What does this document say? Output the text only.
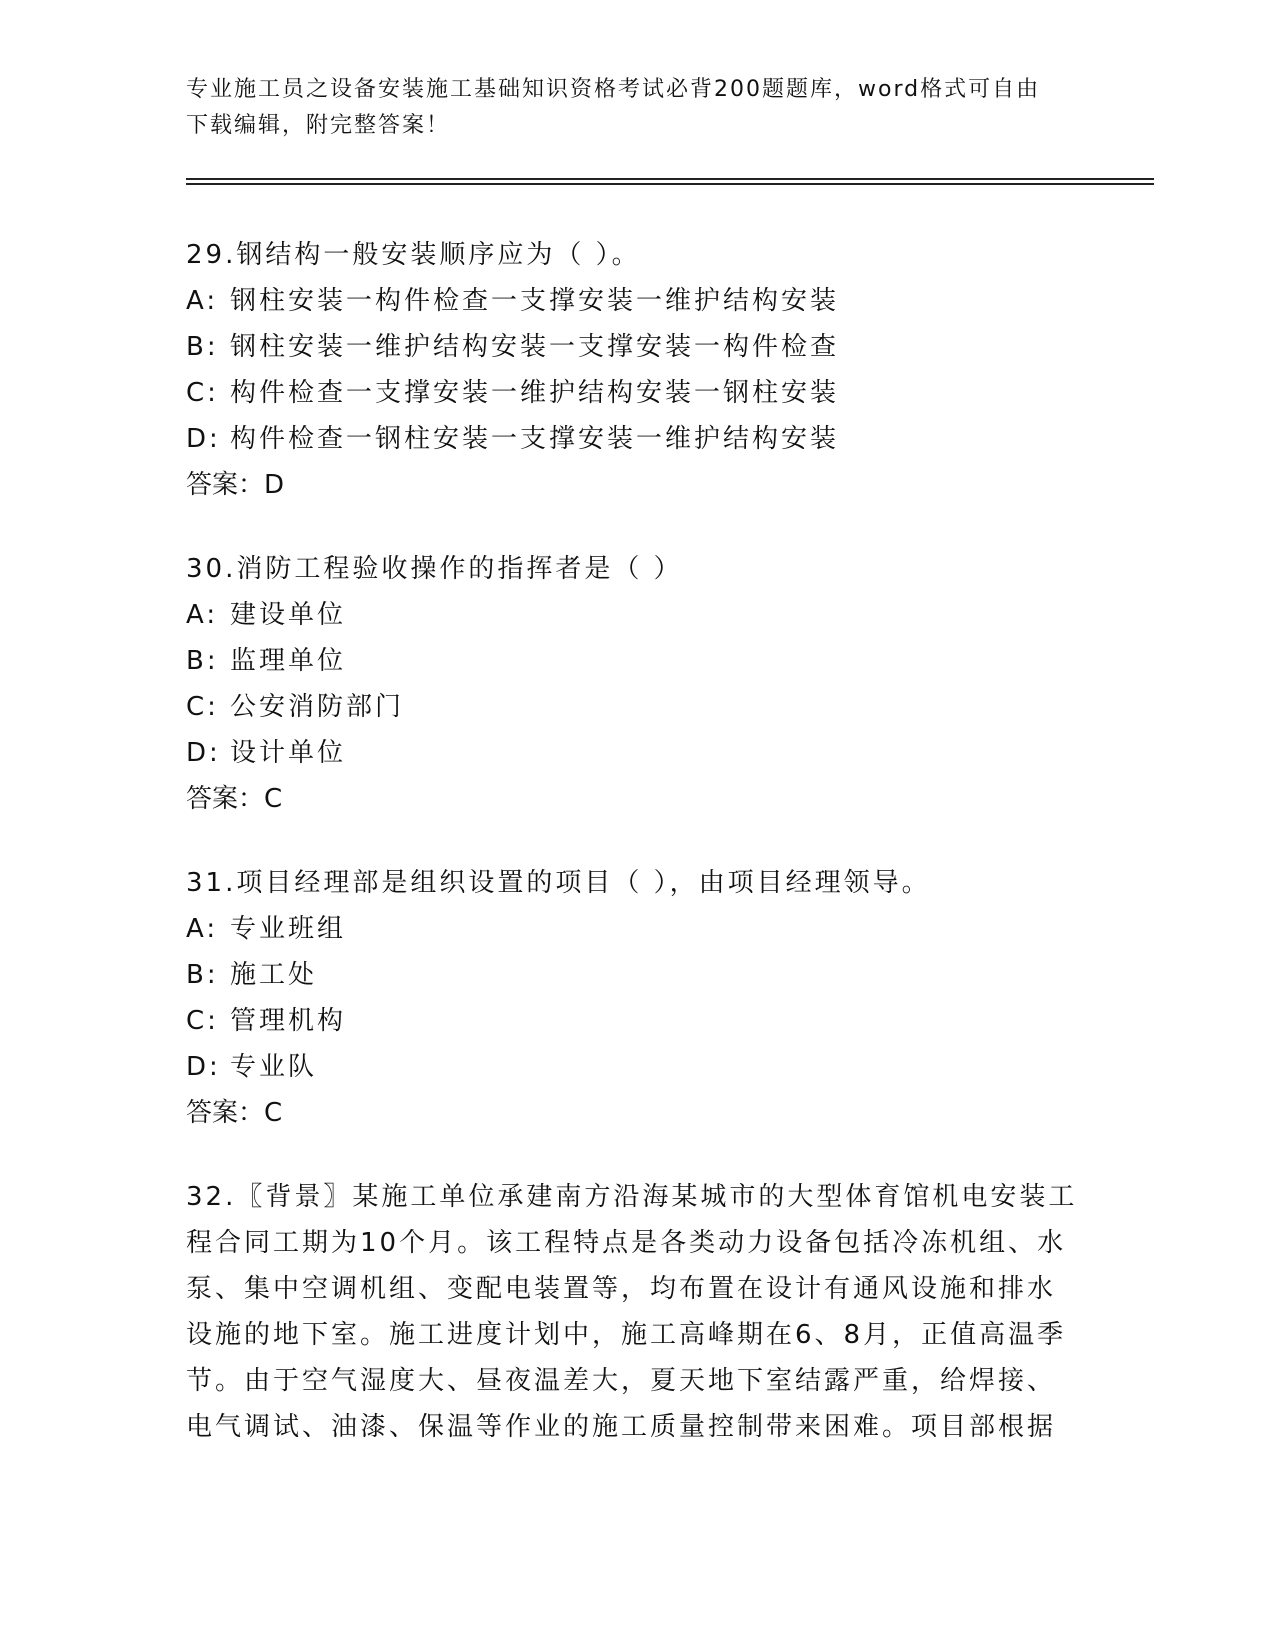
专业施工员之设备安装施工基础知识资格考试必背200题题库，word格式可自由
下载编辑，附完整答案！
29.钢结构一般安装顺序应为（ ）。
A: 钢柱安装一构件检查一支撑安装一维护结构安装
B: 钢柱安装一维护结构安装一支撑安装一构件检查
C: 构件检查一支撑安装一维护结构安装一钢柱安装
D: 构件检查一钢柱安装一支撑安装一维护结构安装
答案：D
30.消防工程验收操作的指挥者是（ ）
A: 建设单位
B: 监理单位
C: 公安消防部门
D: 设计单位
答案：C
31.项目经理部是组织设置的项目（ ），由项目经理领导。
A: 专业班组
B: 施工处
C: 管理机构
D: 专业队
答案：C
32.〖背景〗某施工单位承建南方沿海某城市的大型体育馆机电安装工
程合同工期为10个月。该工程特点是各类动力设备包括冷冻机组、水
泵、集中空调机组、变配电装置等，均布置在设计有通风设施和排水
设施的地下室。施工进度计划中，施工高峰期在6、8月，正值高温季
节。由于空气湿度大、昼夜温差大，夏天地下室结露严重，给焊接、
电气调试、油漆、保温等作业的施工质量控制带来困难。项目部根据
